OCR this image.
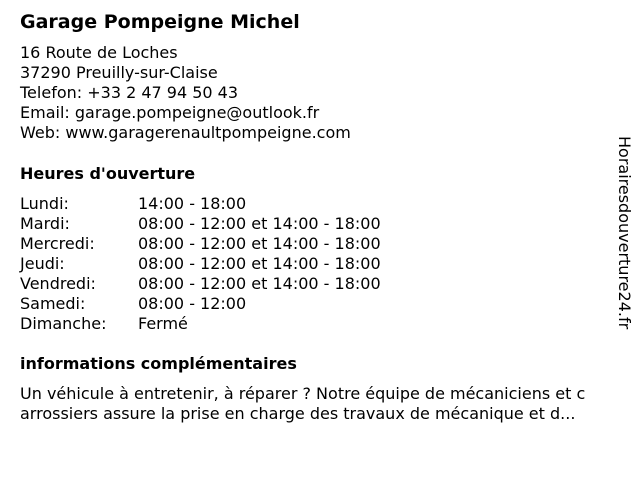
Garage Pompeigne Michel
16 Route de Loches
37290 Preuilly-sur-Claise
Telefon: +33 2 47 94 50 43
Email: garage.pompeigne@outlook.fr
Web: www.garagerenaultpompeigne.com
Heures d'ouverture
Lundi:	14:00 - 18:00
Mardi:	08:00 - 12:00 et 14:00 - 18:00
Mercredi:	08:00 - 12:00 et 14:00 - 18:00
Jeudi:	08:00 - 12:00 et 14:00 - 18:00
Vendredi:	08:00 - 12:00 et 14:00 - 18:00
Samedi:	08:00 - 12:00
Dimanche: Fermé
informations complémentaires
Un véhicule à entretenir, à réparer ? Notre équipe de mécaniciens et c
arrossiers assure la prise en charge des travaux de mécanique et d...
Horairesdouverture24.fr
